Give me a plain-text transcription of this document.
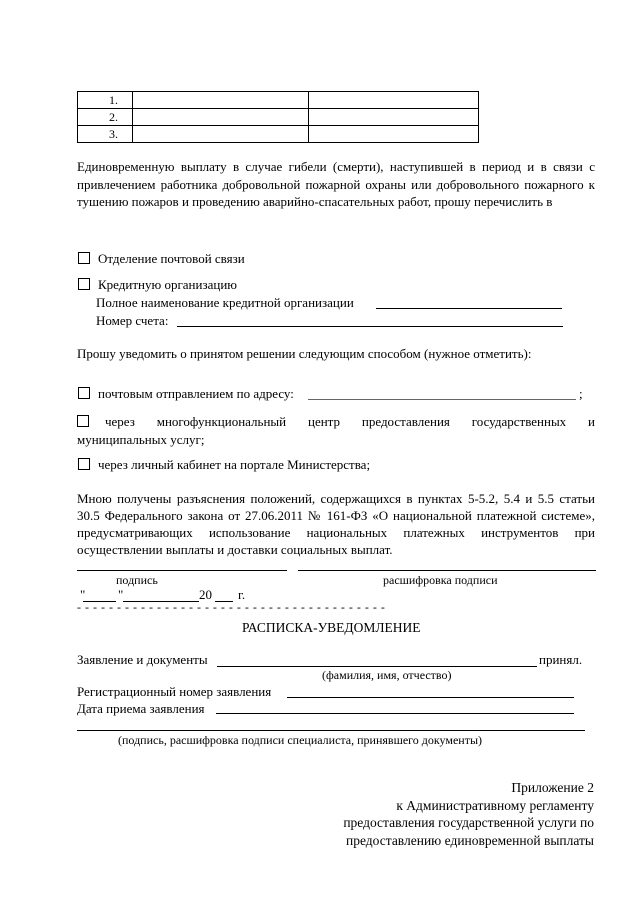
1.		
2.		
3.		
Единовременную выплату в случае гибели (смерти), наступившей в период и в связи с привлечением работника добровольной пожарной охраны или добровольного пожарного к тушению пожаров и проведению аварийно-спасательных работ, прошу перечислить в
Отделение почтовой связи
Кредитную организацию
Полное наименование кредитной организации
Номер счета:
Прошу уведомить о принятом решении следующим способом (нужное отметить):
почтовым отправлением по адресу:	;
через многофункциональный центр предоставления государственных и муниципальных услуг;
через личный кабинет на портале Министерства;
Мною получены разъяснения положений, содержащихся в пунктах 5-5.2, 5.4 и 5.5 статьи 30.5 Федерального закона от 27.06.2011 № 161-ФЗ «О национальной платежной системе», предусматривающих использование национальных платежных инструментов при осуществлении выплаты и доставки социальных выплат.
подпись	расшифровка подписи
"	"	20 г.
- - - - - - - - - - - - - - - - - - - - - - - - - - - - - - - - - - - - - - -
РАСПИСКА-УВЕДОМЛЕНИЕ
Заявление и документы	принял.
(фамилия, имя, отчество)
Регистрационный номер заявления
Дата приема заявления
(подпись, расшифровка подписи специалиста, принявшего документы)
Приложение 2
к Административному регламенту
предоставления государственной услуги по
предоставлению единовременной выплаты
